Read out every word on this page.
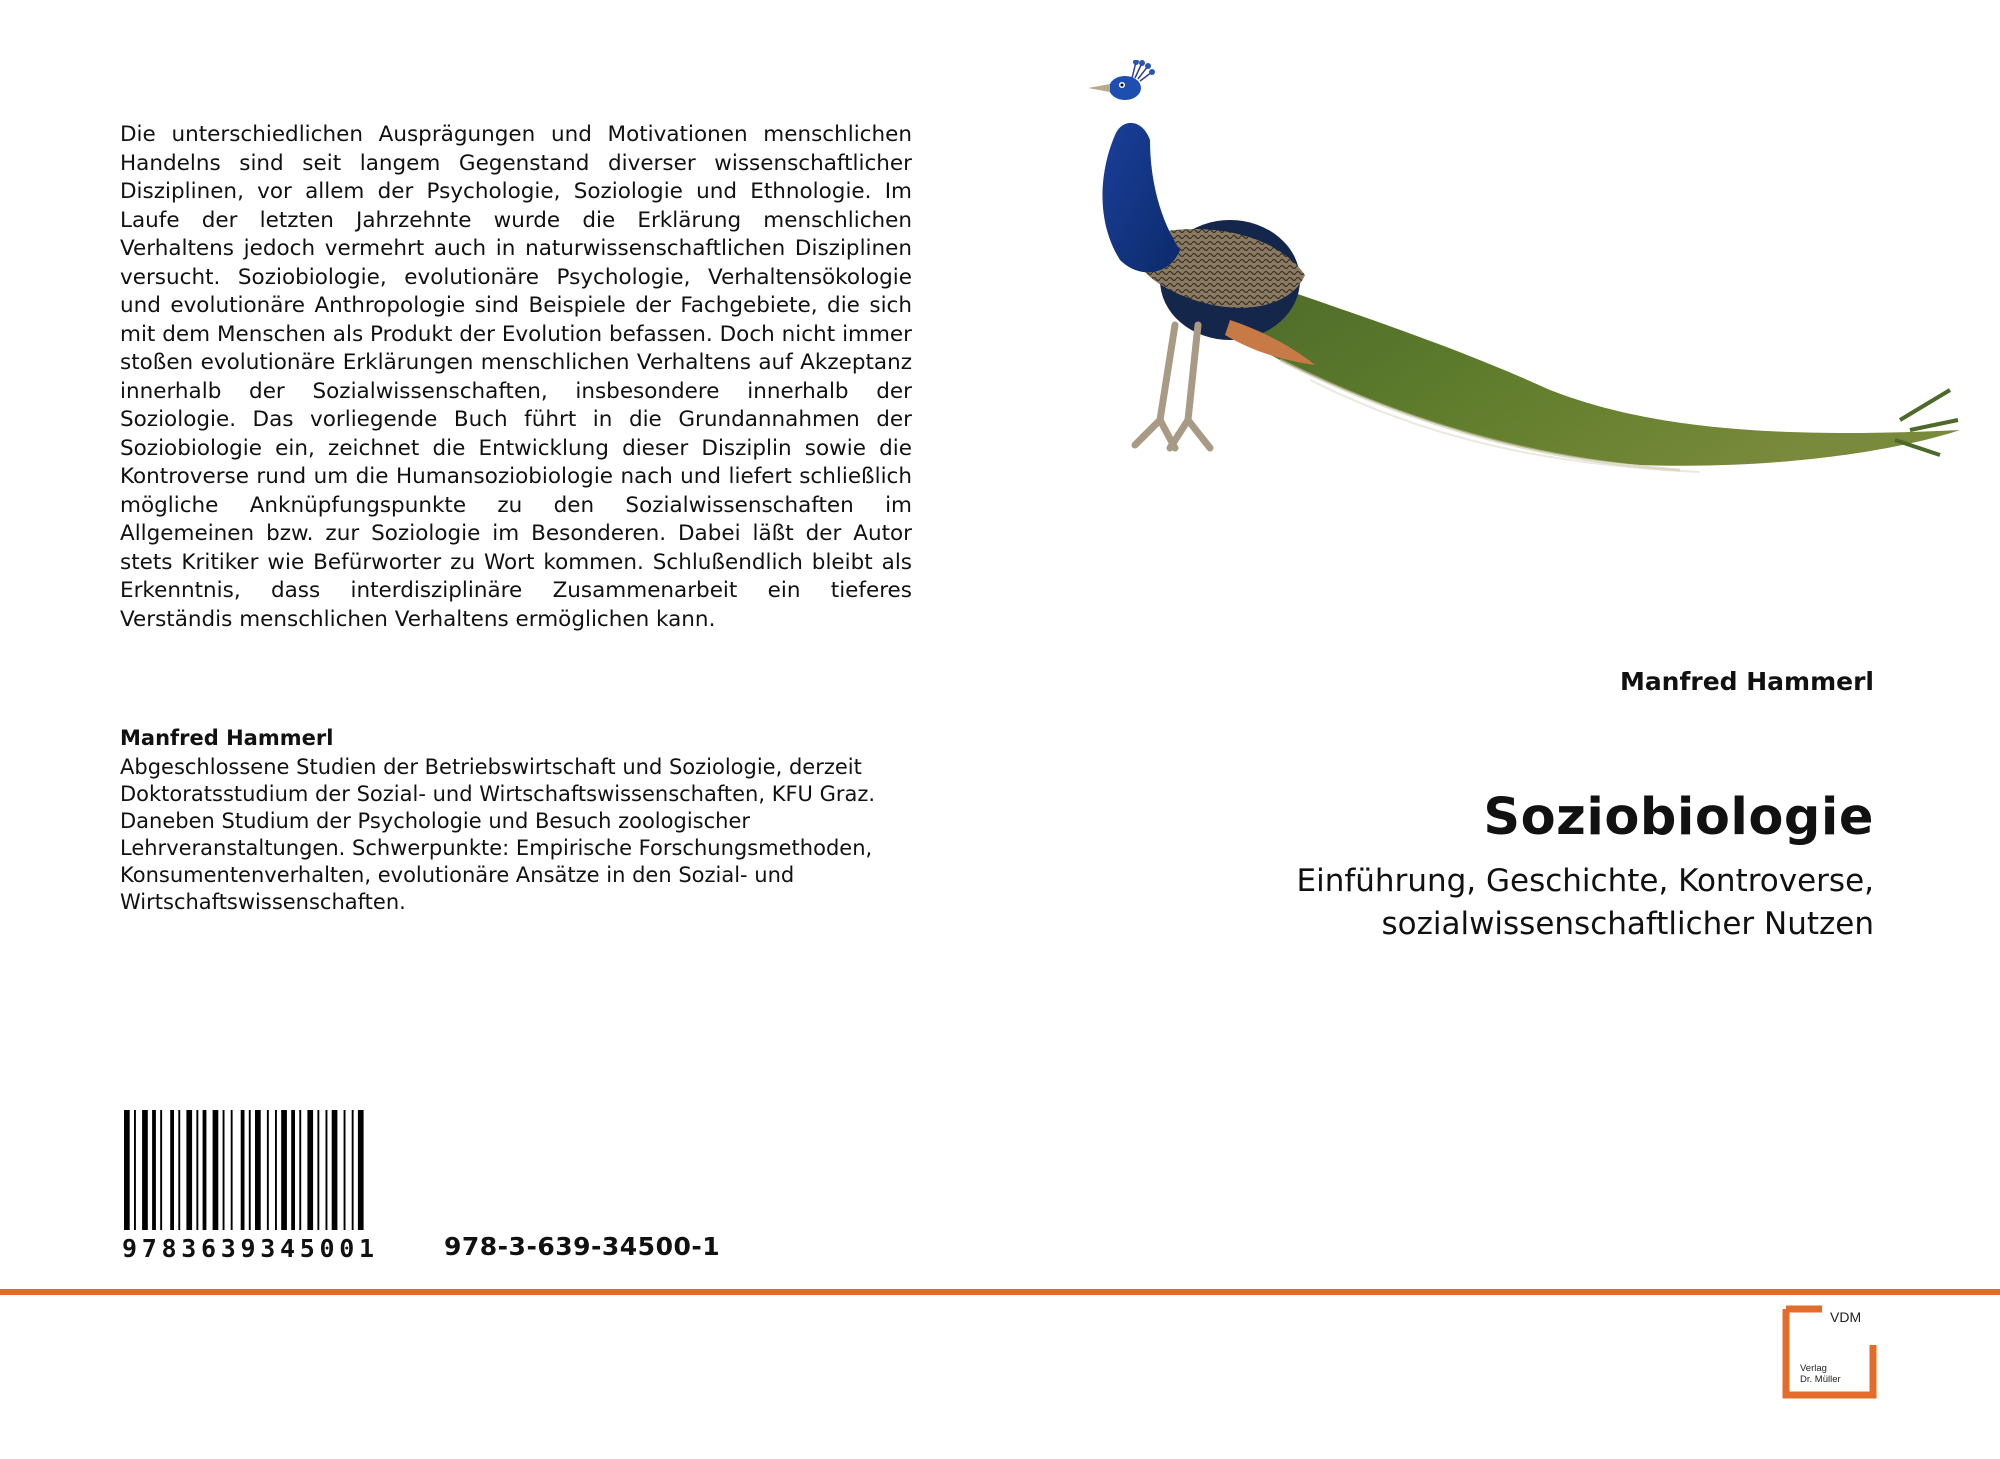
Die unterschiedlichen Ausprägungen und Motivationen menschlichen Handelns sind seit langem Gegenstand diverser wissenschaftlicher Disziplinen, vor allem der Psychologie, Soziologie und Ethnologie. Im Laufe der letzten Jahrzehnte wurde die Erklärung menschlichen Verhaltens jedoch vermehrt auch in naturwissenschaftlichen Disziplinen versucht. Soziobiologie, evolutionäre Psychologie, Verhaltensökologie und evolutionäre Anthropologie sind Beispiele der Fachgebiete, die sich mit dem Menschen als Produkt der Evolution befassen. Doch nicht immer stoßen evolutionäre Erklärungen menschlichen Verhaltens auf Akzeptanz innerhalb der Sozialwissenschaften, insbesondere innerhalb der Soziologie. Das vorliegende Buch führt in die Grundannahmen der Soziobiologie ein, zeichnet die Entwicklung dieser Disziplin sowie die Kontroverse rund um die Humansoziobiologie nach und liefert schließlich mögliche Anknüpfungspunkte zu den Sozialwissenschaften im Allgemeinen bzw. zur Soziologie im Besonderen. Dabei läßt der Autor stets Kritiker wie Befürworter zu Wort kommen. Schlußendlich bleibt als Erkenntnis, dass interdisziplinäre Zusammenarbeit ein tieferes Verständis menschlichen Verhaltens ermöglichen kann.

Manfred Hammerl

Abgeschlossene Studien der Betriebswirtschaft und Soziologie, derzeit Doktoratsstudium der Sozial- und Wirtschaftswissenschaften, KFU Graz. Daneben Studium der Psychologie und Besuch zoologischer Lehrveranstaltungen. Schwerpunkte: Empirische Forschungsmethoden, Konsumentenverhalten, evolutionäre Ansätze in den Sozial- und Wirtschaftswissenschaften.

9783639345001	978-3-639-34500-1

Manfred Hammerl

Soziobiologie
Einführung, Geschichte, Kontroverse,
sozialwissenschaftlicher Nutzen
VDM
Verlag
Dr. Müller
